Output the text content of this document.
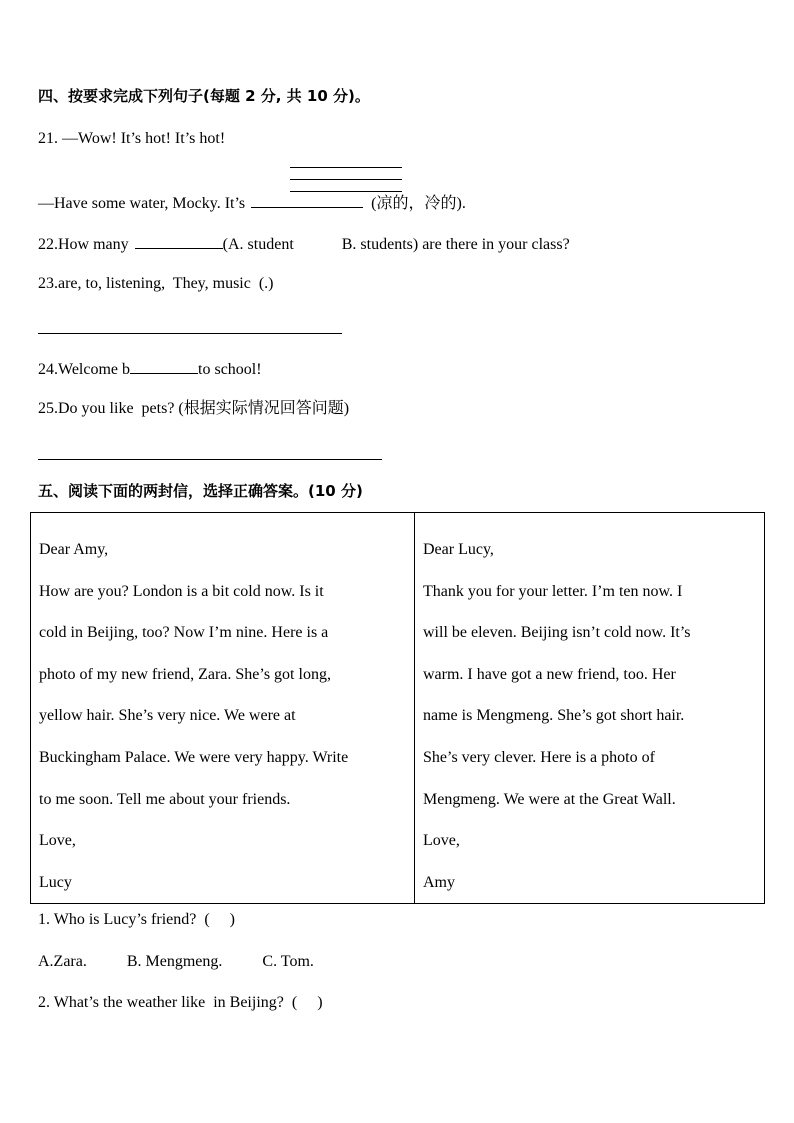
四、按要求完成下列句子(每题 2 分, 共 10 分)。
21. —Wow! It’s hot! It’s hot!
—Have some water, Mocky. It’s	(凉的，冷的).
22.How many	(A. student            B. students) are there in your class?
23.are, to, listening,  They, music  (.)
24.Welcome b	to school!
25.Do you like  pets? (根据实际情况回答问题)
五、阅读下面的两封信，选择正确答案。(10 分)
Dear Amy,
How are you? London is a bit cold now. Is it
cold in Beijing, too? Now I’m nine. Here is a
photo of my new friend, Zara. She’s got long,
yellow hair. She’s very nice. We were at
Buckingham Palace. We were very happy. Write
to me soon. Tell me about your friends.
Love,
Lucy

Dear Lucy,
Thank you for your letter. I’m ten now. I
will be eleven. Beijing isn’t cold now. It’s
warm. I have got a new friend, too. Her
name is Mengmeng. She’s got short hair.
She’s very clever. Here is a photo of
Mengmeng. We were at the Great Wall.
Love,
Amy
1. Who is Lucy’s friend?  (     )
A.Zara.          B. Mengmeng.          C. Tom.
2. What’s the weather like  in Beijing?  (     )
